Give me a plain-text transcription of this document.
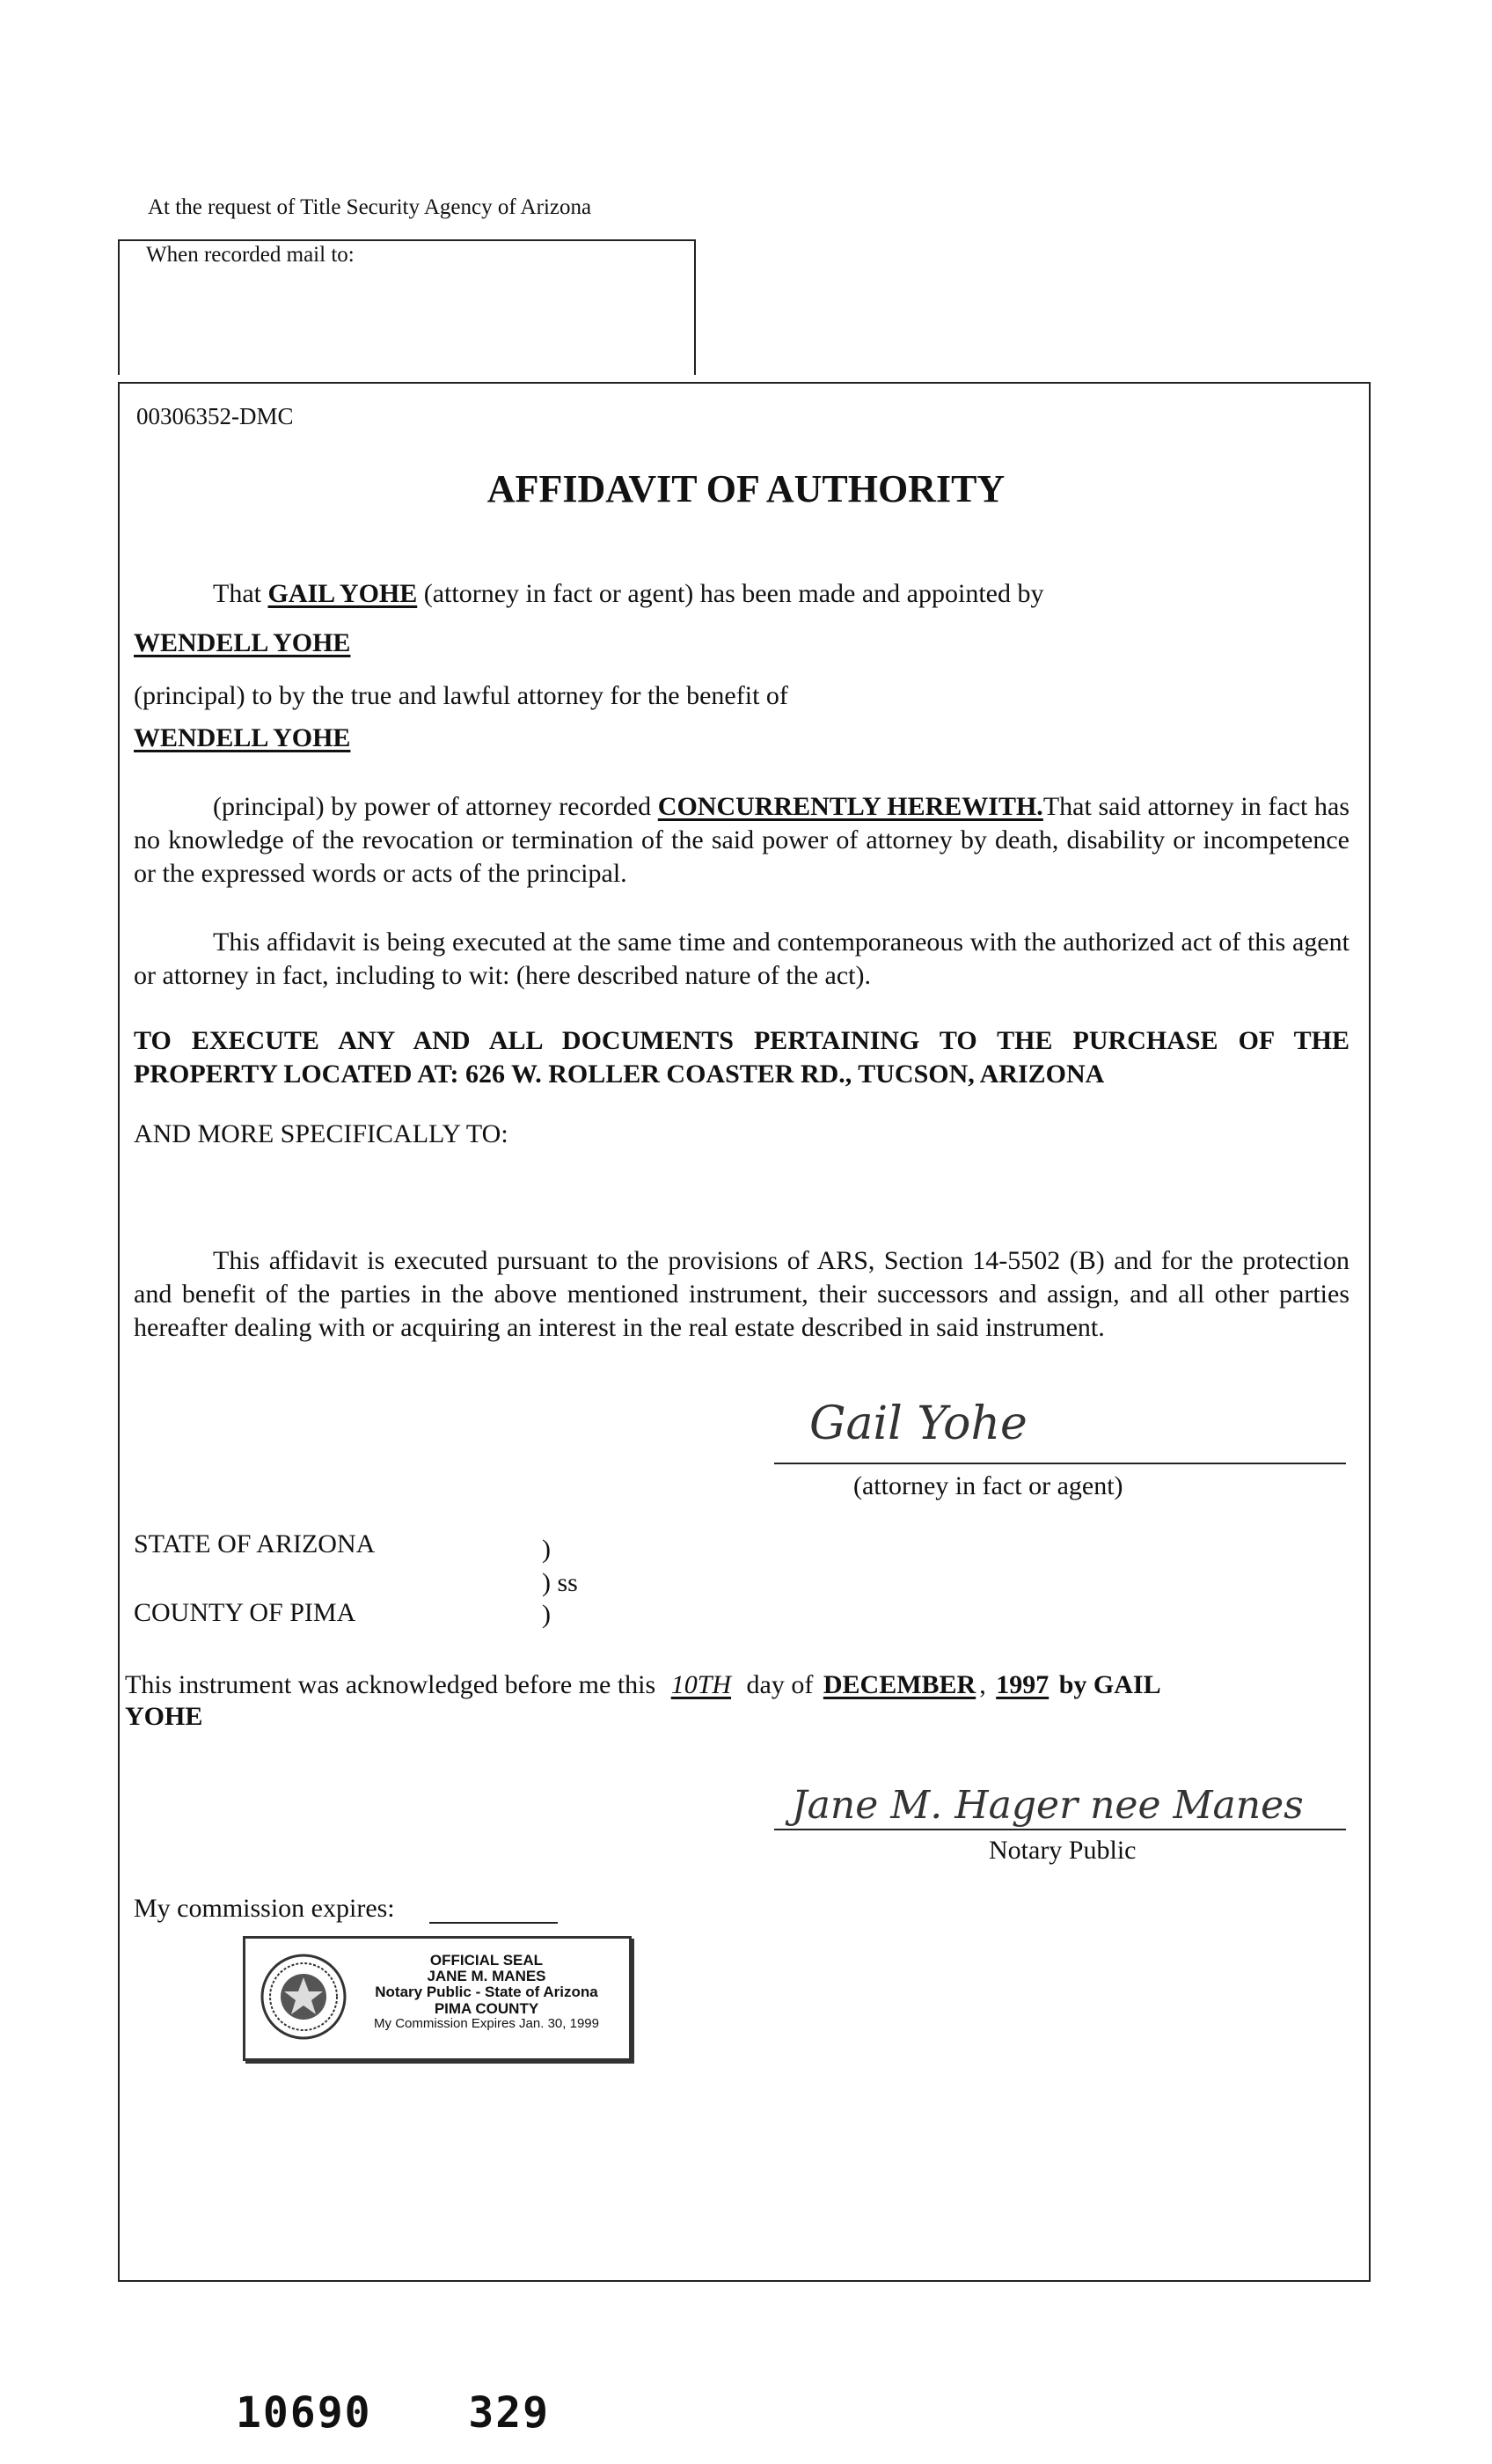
At the request of Title Security Agency of Arizona
When recorded mail to:
00306352-DMC
AFFIDAVIT OF AUTHORITY
That GAIL YOHE (attorney in fact or agent) has been made and appointed by
WENDELL YOHE
(principal) to by the true and lawful attorney for the benefit of
WENDELL YOHE
(principal) by power of attorney recorded CONCURRENTLY HEREWITH.That said attorney in fact has no knowledge of the revocation or termination of the said power of attorney by death, disability or incompetence or the expressed words or acts of the principal.
This affidavit is being executed at the same time and contemporaneous with the authorized act of this agent or attorney in fact, including to wit: (here described nature of the act).
TO EXECUTE ANY AND ALL DOCUMENTS PERTAINING TO THE PURCHASE OF THE PROPERTY LOCATED AT: 626 W. ROLLER COASTER RD., TUCSON, ARIZONA
AND MORE SPECIFICALLY TO:
This affidavit is executed pursuant to the provisions of ARS, Section 14-5502 (B) and for the protection and benefit of the parties in the above mentioned instrument, their successors and assign, and all other parties hereafter dealing with or acquiring an interest in the real estate described in said instrument.
Gail Yohe
(attorney in fact or agent)
STATE OF ARIZONA	)
) ss
COUNTY OF PIMA	)
This instrument was acknowledged before me this 10TH day of DECEMBER , 1997 by GAIL
YOHE
Jane M. Hager nee Manes
Notary Public
My commission expires:
OFFICIAL SEAL
JANE M. MANES
Notary Public - State of Arizona
PIMA COUNTY
My Commission Expires Jan. 30, 1999
10690 329
